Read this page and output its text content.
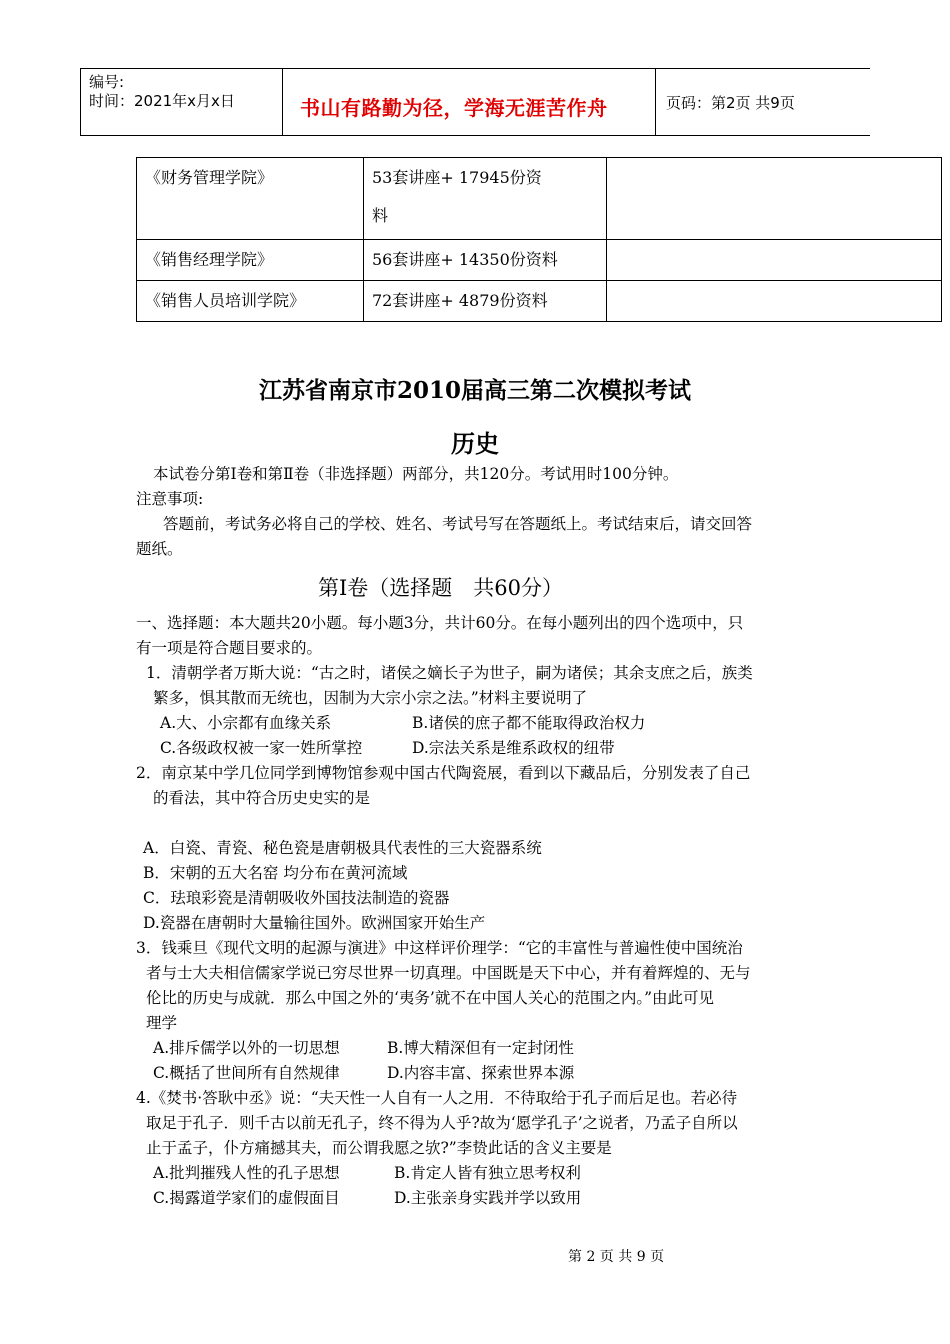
编号:
时间：2021年x月x日	书山有路勤为径，学海无涯苦作舟	页码：第2页 共9页
《财务管理学院》	53套讲座+ 17945份资
料	

《销售经理学院》	56套讲座+ 14350份资料	

《销售人员培训学院》	72套讲座+ 4879份资料	

江苏省南京市2010届高三第二次模拟考试
历史
本试卷分第Ⅰ卷和第Ⅱ卷（非选择题）两部分，共120分。考试用时100分钟。
注意事项:
答题前，考试务必将自己的学校、姓名、考试号写在答题纸上。考试结束后，请交回答
题纸。
第Ⅰ卷（选择题　共60分）
一、选择题：本大题共20小题。每小题3分，共计60分。在每小题列出的四个选项中，只
有一项是符合题目要求的。
1．清朝学者万斯大说：“古之时，诸侯之嫡长子为世子，嗣为诸侯；其余支庶之后，族类
繁多，惧其散而无统也，因制为大宗小宗之法。”材料主要说明了
A.大、小宗都有血缘关系	B.诸侯的庶子都不能取得政治权力
C.各级政权被一家一姓所掌控	D.宗法关系是维系政权的纽带
2．南京某中学几位同学到博物馆参观中国古代陶瓷展，看到以下藏品后，分别发表了自己
的看法，其中符合历史史实的是
A．白瓷、青瓷、秘色瓷是唐朝极具代表性的三大瓷器系统
B．宋朝的五大名窑 均分布在黄河流域
C．珐琅彩瓷是清朝吸收外国技法制造的瓷器
D.瓷器在唐朝时大量输往国外。欧洲国家开始生产
3．钱乘旦《现代文明的起源与演进》中这样评价理学：“它的丰富性与普遍性使中国统治
者与士大夫相信儒家学说已穷尽世界一切真理。中国既是天下中心，并有着辉煌的、无与
伦比的历史与成就．那么中国之外的‘夷务’就不在中国人关心的范围之内。”由此可见
理学
A.排斥儒学以外的一切思想	B.博大精深但有一定封闭性
C.概括了世间所有自然规律	D.内容丰富、探索世界本源
4.《焚书·答耿中丞》说：“夫天性一人自有一人之用．不待取给于孔子而后足也。若必待
取足于孔子．则千古以前无孔子，终不得为人乎?故为‘愿学孔子’之说者，乃孟子自所以
止于孟子，仆方痛撼其夫，而公谓我愿之欤?”李贽此话的含义主要是
A.批判摧残人性的孔子思想	B.肯定人皆有独立思考权利
C.揭露道学家们的虚假面目	D.主张亲身实践并学以致用
第 2 页 共 9 页
